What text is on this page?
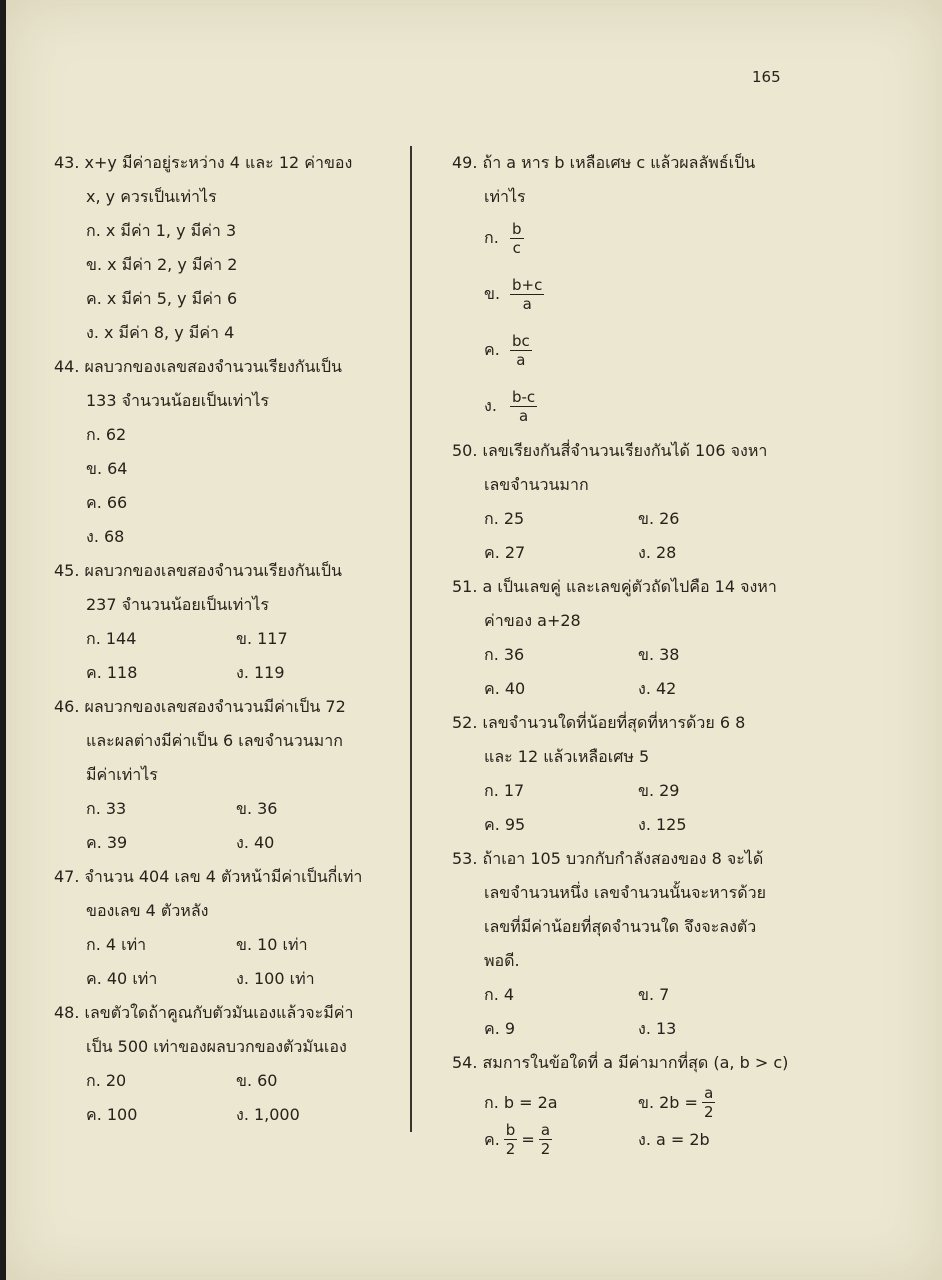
165
43. x+y มีค่าอยู่ระหว่าง 4 และ 12 ค่าของ
x, y ควรเป็นเท่าไร
ก. x มีค่า 1, y มีค่า 3
ข. x มีค่า 2, y มีค่า 2
ค. x มีค่า 5, y มีค่า 6
ง. x มีค่า 8, y มีค่า 4
44. ผลบวกของเลขสองจำนวนเรียงกันเป็น
133 จำนวนน้อยเป็นเท่าไร
ก. 62
ข. 64
ค. 66
ง. 68
45. ผลบวกของเลขสองจำนวนเรียงกันเป็น
237 จำนวนน้อยเป็นเท่าไร
ก. 144	ข. 117
ค. 118	ง. 119
46. ผลบวกของเลขสองจำนวนมีค่าเป็น 72
และผลต่างมีค่าเป็น 6 เลขจำนวนมาก
มีค่าเท่าไร
ก. 33	ข. 36
ค. 39	ง. 40
47. จำนวน 404 เลข 4 ตัวหน้ามีค่าเป็นกี่เท่า
ของเลข 4 ตัวหลัง
ก. 4 เท่า	ข. 10 เท่า
ค. 40 เท่า	ง. 100 เท่า
48. เลขตัวใดถ้าคูณกับตัวมันเองแล้วจะมีค่า
เป็น 500 เท่าของผลบวกของตัวมันเอง
ก. 20	ข. 60
ค. 100	ง. 1,000
49. ถ้า a หาร b เหลือเศษ c แล้วผลลัพธ์เป็น
เท่าไร
ก. $\frac{b}{c}$
ข. $\frac{b+c}{a}$
ค. $\frac{bc}{a}$
ง. $\frac{b-c}{a}$
50. เลขเรียงกันสี่จำนวนเรียงกันได้ 106 จงหา
เลขจำนวนมาก
ก. 25	ข. 26
ค. 27	ง. 28
51. a เป็นเลขคู่ และเลขคู่ตัวถัดไปคือ 14 จงหา
ค่าของ a+28
ก. 36	ข. 38
ค. 40	ง. 42
52. เลขจำนวนใดที่น้อยที่สุดที่หารด้วย 6 8
และ 12 แล้วเหลือเศษ 5
ก. 17	ข. 29
ค. 95	ง. 125
53. ถ้าเอา 105 บวกกับกำลังสองของ 8 จะได้
เลขจำนวนหนึ่ง เลขจำนวนนั้นจะหารด้วย
เลขที่มีค่าน้อยที่สุดจำนวนใด จึงจะลงตัว
พอดี.
ก. 4	ข. 7
ค. 9	ง. 13
54. สมการในข้อใดที่ a มีค่ามากที่สุด (a, b > c)
ก. b = 2a	ข. $2b = \frac{a}{2}$
ค. $\frac{b}{2} = \frac{a}{2}$	ง. a = 2b
